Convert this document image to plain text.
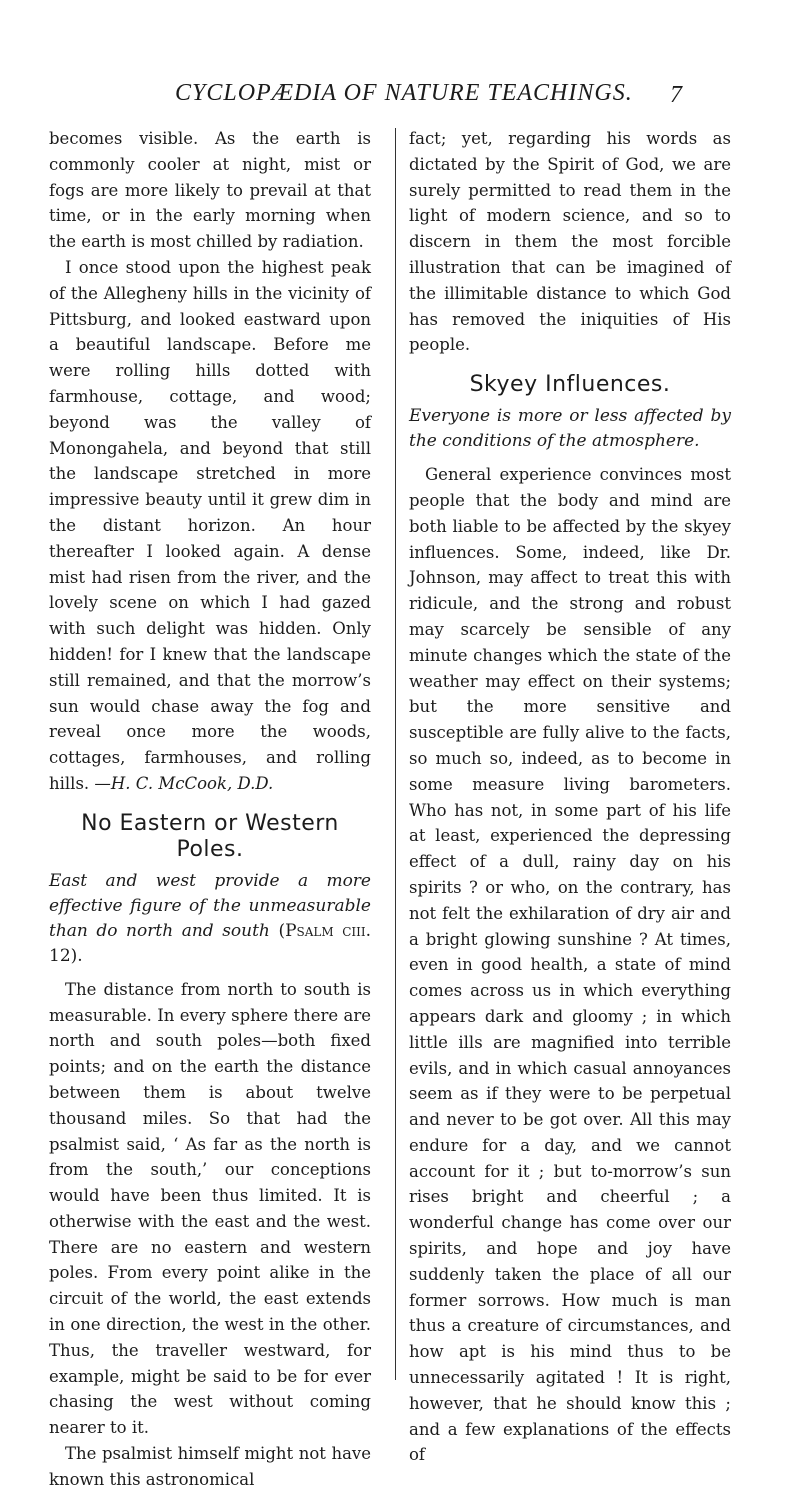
CYCLOPÆDIA OF NATURE TEACHINGS. 7

becomes visible. As the earth is commonly cooler at night, mist or fogs are more likely to prevail at that time, or in the early morning when the earth is most chilled by radiation.

I once stood upon the highest peak of the Allegheny hills in the vicinity of Pittsburg, and looked eastward upon a beautiful landscape. Before me were rolling hills dotted with farmhouse, cottage, and wood; beyond was the valley of Monongahela, and beyond that still the landscape stretched in more impressive beauty until it grew dim in the distant horizon. An hour thereafter I looked again. A dense mist had risen from the river, and the lovely scene on which I had gazed with such delight was hidden. Only hidden! for I knew that the landscape still remained, and that the morrow’s sun would chase away the fog and reveal once more the woods, cottages, farmhouses, and rolling hills. —H. C. McCook, D.D.

No Eastern or Western Poles.

East and west provide a more effective figure of the unmeasurable than do north and south (Psalm ciii. 12).

The distance from north to south is measurable. In every sphere there are north and south poles—both fixed points; and on the earth the distance between them is about twelve thousand miles. So that had the psalmist said, ‘ As far as the north is from the south,’ our conceptions would have been thus limited. It is otherwise with the east and the west. There are no eastern and western poles. From every point alike in the circuit of the world, the east extends in one direction, the west in the other. Thus, the traveller westward, for example, might be said to be for ever chasing the west without coming nearer to it.

The psalmist himself might not have known this astronomical

fact; yet, regarding his words as dictated by the Spirit of God, we are surely permitted to read them in the light of modern science, and so to discern in them the most forcible illustration that can be imagined of the illimitable distance to which God has removed the iniquities of His people.

Skyey Influences.

Everyone is more or less affected by the conditions of the atmosphere.

General experience convinces most people that the body and mind are both liable to be affected by the skyey influences. Some, indeed, like Dr. Johnson, may affect to treat this with ridicule, and the strong and robust may scarcely be sensible of any minute changes which the state of the weather may effect on their systems; but the more sensitive and susceptible are fully alive to the facts, so much so, indeed, as to become in some measure living barometers. Who has not, in some part of his life at least, experienced the depressing effect of a dull, rainy day on his spirits ? or who, on the contrary, has not felt the exhilaration of dry air and a bright glowing sunshine ? At times, even in good health, a state of mind comes across us in which everything appears dark and gloomy ; in which little ills are magnified into terrible evils, and in which casual annoyances seem as if they were to be perpetual and never to be got over. All this may endure for a day, and we cannot account for it ; but to-morrow’s sun rises bright and cheerful ; a wonderful change has come over our spirits, and hope and joy have suddenly taken the place of all our former sorrows. How much is man thus a creature of circumstances, and how apt is his mind thus to be unnecessarily agitated ! It is right, however, that he should know this ; and a few explanations of the effects of
